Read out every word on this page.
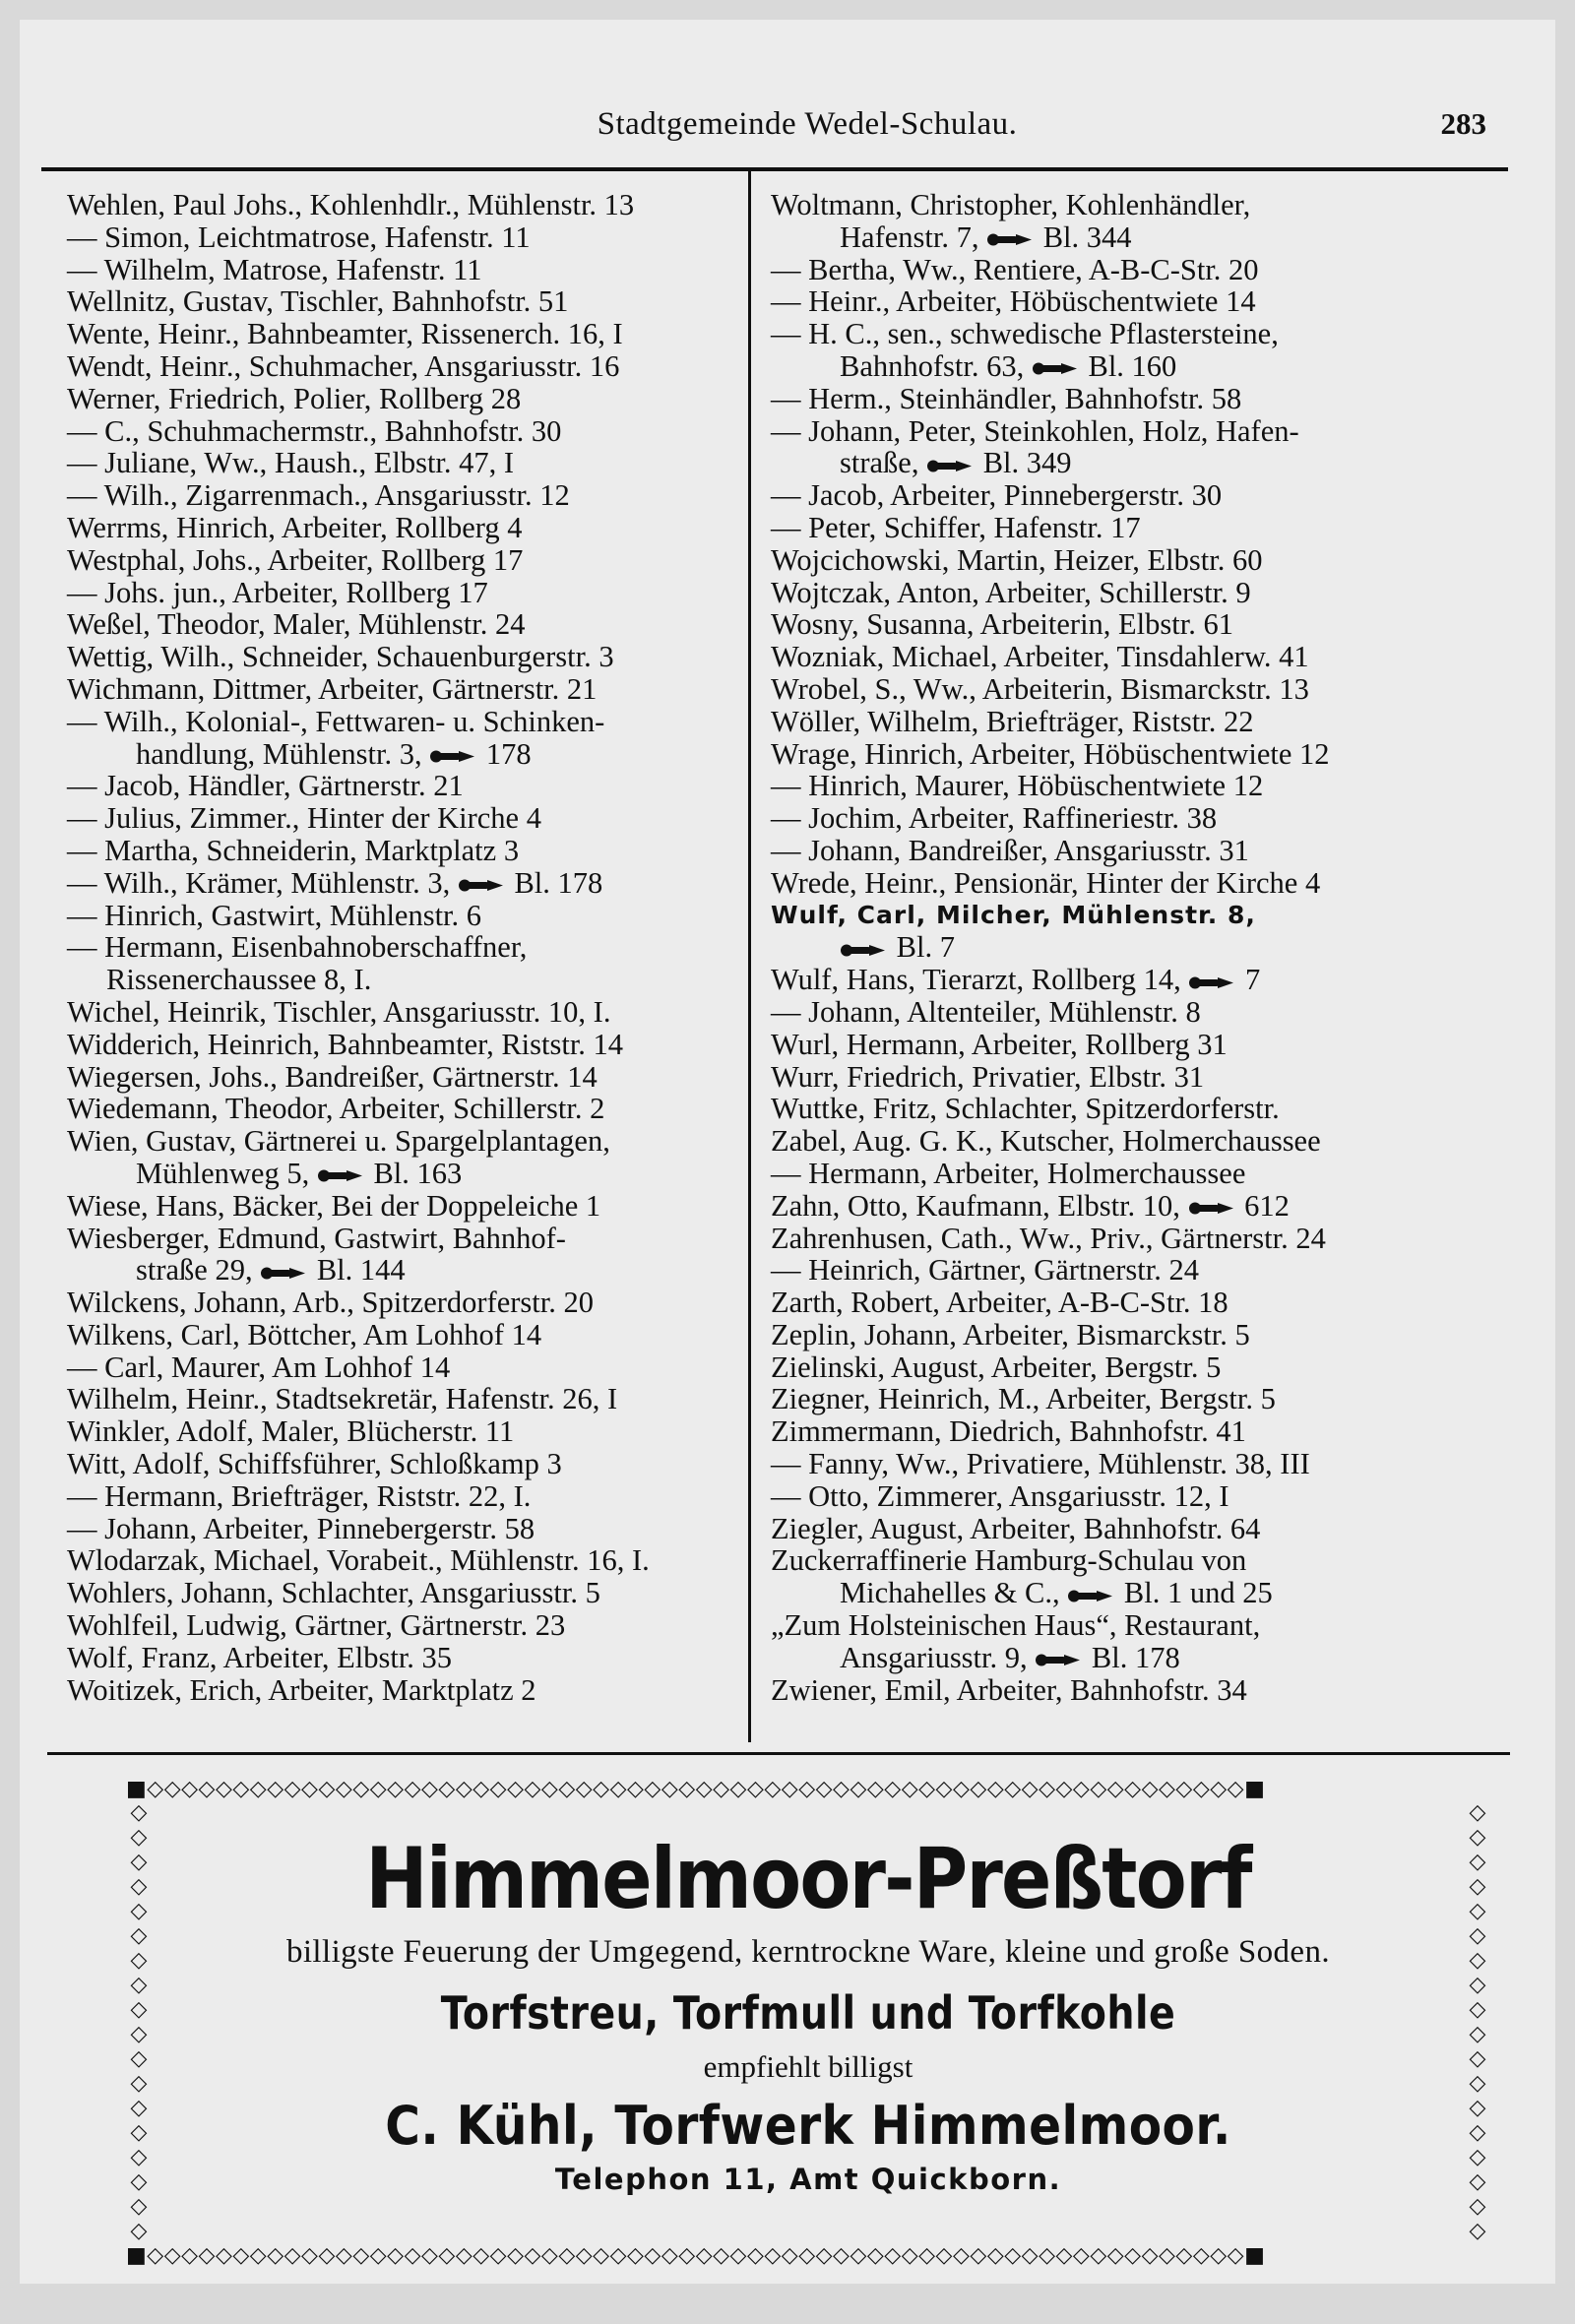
Stadtgemeinde Wedel-Schulau.	283
Wehlen, Paul Johs., Kohlenhdlr., Mühlenstr. 13
— Simon, Leichtmatrose, Hafenstr. 11
— Wilhelm, Matrose, Hafenstr. 11
Wellnitz, Gustav, Tischler, Bahnhofstr. 51
Wente, Heinr., Bahnbeamter, Rissenerch. 16, I
Wendt, Heinr., Schuhmacher, Ansgariusstr. 16
Werner, Friedrich, Polier, Rollberg 28
— C., Schuhmachermstr., Bahnhofstr. 30
— Juliane, Ww., Haush., Elbstr. 47, I
— Wilh., Zigarrenmach., Ansgariusstr. 12
Werrms, Hinrich, Arbeiter, Rollberg 4
Westphal, Johs., Arbeiter, Rollberg 17
— Johs. jun., Arbeiter, Rollberg 17
Weßel, Theodor, Maler, Mühlenstr. 24
Wettig, Wilh., Schneider, Schauenburgerstr. 3
Wichmann, Dittmer, Arbeiter, Gärtnerstr. 21
— Wilh., Kolonial-, Fettwaren- u. Schinken-
handlung, Mühlenstr. 3, 178
— Jacob, Händler, Gärtnerstr. 21
— Julius, Zimmer., Hinter der Kirche 4
— Martha, Schneiderin, Marktplatz 3
— Wilh., Krämer, Mühlenstr. 3, Bl. 178
— Hinrich, Gastwirt, Mühlenstr. 6
— Hermann, Eisenbahnoberschaffner,
Rissenerchaussee 8, I.
Wichel, Heinrik, Tischler, Ansgariusstr. 10, I.
Widderich, Heinrich, Bahnbeamter, Riststr. 14
Wiegersen, Johs., Bandreißer, Gärtnerstr. 14
Wiedemann, Theodor, Arbeiter, Schillerstr. 2
Wien, Gustav, Gärtnerei u. Spargelplantagen,
Mühlenweg 5, Bl. 163
Wiese, Hans, Bäcker, Bei der Doppeleiche 1
Wiesberger, Edmund, Gastwirt, Bahnhof-
straße 29, Bl. 144
Wilckens, Johann, Arb., Spitzerdorferstr. 20
Wilkens, Carl, Böttcher, Am Lohhof 14
— Carl, Maurer, Am Lohhof 14
Wilhelm, Heinr., Stadtsekretär, Hafenstr. 26, I
Winkler, Adolf, Maler, Blücherstr. 11
Witt, Adolf, Schiffsführer, Schloßkamp 3
— Hermann, Briefträger, Riststr. 22, I.
— Johann, Arbeiter, Pinnebergerstr. 58
Wlodarzak, Michael, Vorabeit., Mühlenstr. 16, I.
Wohlers, Johann, Schlachter, Ansgariusstr. 5
Wohlfeil, Ludwig, Gärtner, Gärtnerstr. 23
Wolf, Franz, Arbeiter, Elbstr. 35
Woitizek, Erich, Arbeiter, Marktplatz 2
Woltmann, Christopher, Kohlenhändler,
Hafenstr. 7, Bl. 344
— Bertha, Ww., Rentiere, A-B-C-Str. 20
— Heinr., Arbeiter, Höbüschentwiete 14
— H. C., sen., schwedische Pflastersteine,
Bahnhofstr. 63, Bl. 160
— Herm., Steinhändler, Bahnhofstr. 58
— Johann, Peter, Steinkohlen, Holz, Hafen-
straße, Bl. 349
— Jacob, Arbeiter, Pinnebergerstr. 30
— Peter, Schiffer, Hafenstr. 17
Wojcichowski, Martin, Heizer, Elbstr. 60
Wojtczak, Anton, Arbeiter, Schillerstr. 9
Wosny, Susanna, Arbeiterin, Elbstr. 61
Wozniak, Michael, Arbeiter, Tinsdahlerw. 41
Wrobel, S., Ww., Arbeiterin, Bismarckstr. 13
Wöller, Wilhelm, Briefträger, Riststr. 22
Wrage, Hinrich, Arbeiter, Höbüschentwiete 12
— Hinrich, Maurer, Höbüschentwiete 12
— Jochim, Arbeiter, Raffineriestr. 38
— Johann, Bandreißer, Ansgariusstr. 31
Wrede, Heinr., Pensionär, Hinter der Kirche 4
Wulf, Carl, Milcher, Mühlenstr. 8,
Bl. 7
Wulf, Hans, Tierarzt, Rollberg 14, 7
— Johann, Altenteiler, Mühlenstr. 8
Wurl, Hermann, Arbeiter, Rollberg 31
Wurr, Friedrich, Privatier, Elbstr. 31
Wuttke, Fritz, Schlachter, Spitzerdorferstr.
Zabel, Aug. G. K., Kutscher, Holmerchaussee
— Hermann, Arbeiter, Holmerchaussee
Zahn, Otto, Kaufmann, Elbstr. 10, 612
Zahrenhusen, Cath., Ww., Priv., Gärtnerstr. 24
— Heinrich, Gärtner, Gärtnerstr. 24
Zarth, Robert, Arbeiter, A-B-C-Str. 18
Zeplin, Johann, Arbeiter, Bismarckstr. 5
Zielinski, August, Arbeiter, Bergstr. 5
Ziegner, Heinrich, M., Arbeiter, Bergstr. 5
Zimmermann, Diedrich, Bahnhofstr. 41
— Fanny, Ww., Privatiere, Mühlenstr. 38, III
— Otto, Zimmerer, Ansgariusstr. 12, I
Ziegler, August, Arbeiter, Bahnhofstr. 64
Zuckerraffinerie Hamburg-Schulau von
Michahelles & C., Bl. 1 und 25
„Zum Holsteinischen Haus“, Restaurant,
Ansgariusstr. 9, Bl. 178
Zwiener, Emil, Arbeiter, Bahnhofstr. 34
■◇◇◇◇◇◇◇◇◇◇◇◇◇◇◇◇◇◇◇◇◇◇◇◇◇◇◇◇◇◇◇◇◇◇◇◇◇◇◇◇◇◇◇◇◇◇◇◇◇◇◇◇◇◇◇◇◇◇◇◇◇◇◇◇■
■◇◇◇◇◇◇◇◇◇◇◇◇◇◇◇◇◇◇◇◇◇◇◇◇◇◇◇◇◇◇◇◇◇◇◇◇◇◇◇◇◇◇◇◇◇◇◇◇◇◇◇◇◇◇◇◇◇◇◇◇◇◇◇◇■
◇◇◇◇◇◇◇◇◇◇◇◇◇◇◇◇◇◇
◇◇◇◇◇◇◇◇◇◇◇◇◇◇◇◇◇◇
Himmelmoor-Preßtorf
billigste Feuerung der Umgegend, kerntrockne Ware, kleine und große Soden.
Torfstreu, Torfmull und Torfkohle
empfiehlt billigst
C. Kühl, Torfwerk Himmelmoor.
Telephon 11, Amt Quickborn.
